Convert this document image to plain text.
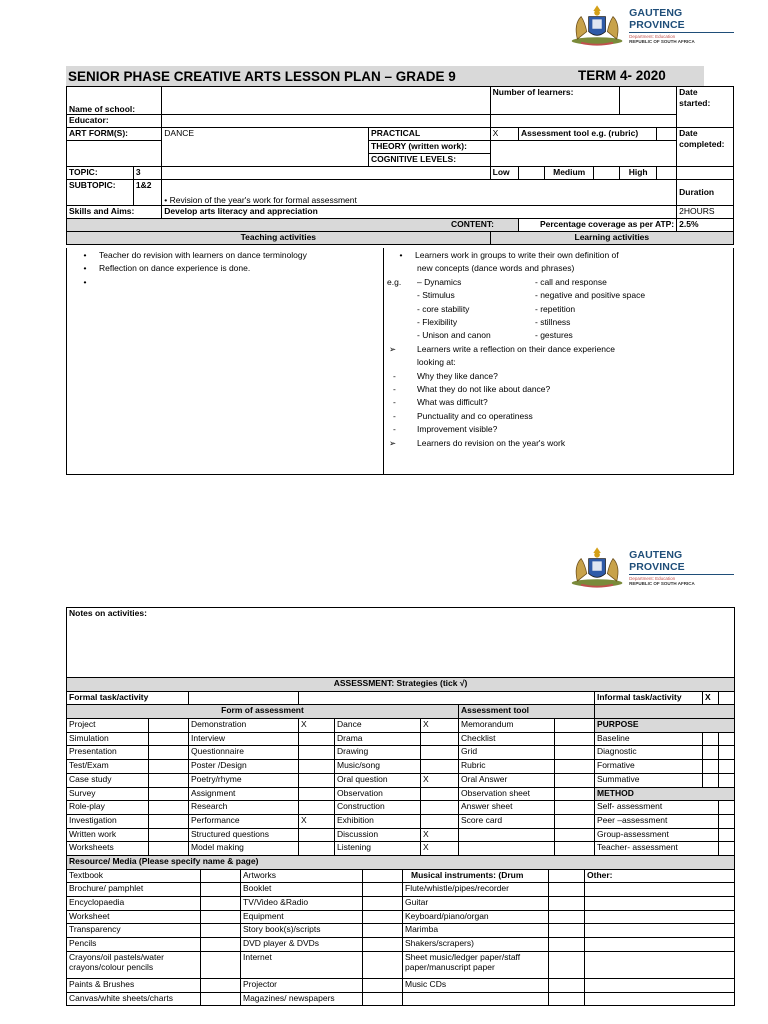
GAUTENG PROVINCE
Department: Education
REPUBLIC OF SOUTH AFRICA
SENIOR PHASE CREATIVE ARTS LESSON PLAN – GRADE 9	TERM 4- 2020
Name of school:				Number of learners:						Date started:
Educator:										
ART FORM(S):		DANCE	PRACTICAL	X	Assessment tool e.g. (rubric)					Date completed:
			THEORY (written work):							
			COGNITIVE LEVELS:							
TOPIC:	3			Low		Medium		High		
SUBTOPIC:	1&2	• Revision of the year's work for formal assessment								Duration
Skills and Aims:		Develop arts literacy and appreciation								2HOURS
CONTENT:					Percentage coverage as per ATP:					2.5%
Teaching activities				Learning activities						
•	Teacher do revision with learners on dance terminology
•	Reflection on dance experience is done.
•
•	Learners work in groups to write their own definition of
new concepts (dance words and phrases)
e.g.	– Dynamics	- call and response
- Stimulus	- negative and positive space
- core stability	- repetition
- Flexibility	- stillness
- Unison and canon	- gestures
➢	Learners write a reflection on their dance experience
looking at:
-	Why they like dance?
-	What they do not like about dance?
-	What was difficult?
-	Punctuality and co operatiness
-	Improvement visible?
➢	Learners do revision on the year's work
GAUTENG PROVINCE
Department: Education
REPUBLIC OF SOUTH AFRICA
Notes on activities:										
ASSESSMENT: Strategies (tick √)										
Formal task/activity								Informal task/activity	X	
Form of assessment						Assessment tool				
Project		Demonstration	X	Dance	X	Memorandum		PURPOSE		
Simulation		Interview		Drama		Checklist		Baseline		
Presentation		Questionnaire		Drawing		Grid		Diagnostic		
Test/Exam		Poster /Design		Music/song		Rubric		Formative		
Case study		Poetry/rhyme		Oral question	X	Oral Answer		Summative		
Survey		Assignment		Observation		Observation sheet		METHOD		
Role-play		Research		Construction		Answer sheet		Self- assessment		
Investigation		Performance	X	Exhibition		Score card		Peer –assessment		
Written work		Structured questions		Discussion	X			Group-assessment		
Worksheets		Model making		Listening	X			Teacher- assessment		
Resource/ Media (Please specify name & page)						
Textbook		Artworks		Musical instruments: (Drum		Other:
Brochure/ pamphlet		Booklet		Flute/whistle/pipes/recorder		
Encyclopaedia		TV/Video &Radio		Guitar		
Worksheet		Equipment		Keyboard/piano/organ		
Transparency		Story book(s)/scripts		Marimba		
Pencils		DVD player & DVDs		Shakers/scrapers)		
Crayons/oil pastels/water crayons/colour pencils		Internet		Sheet music/ledger paper/staff paper/manuscript paper		
Paints & Brushes		Projector		Music CDs		
Canvas/white sheets/charts		Magazines/ newspapers				
